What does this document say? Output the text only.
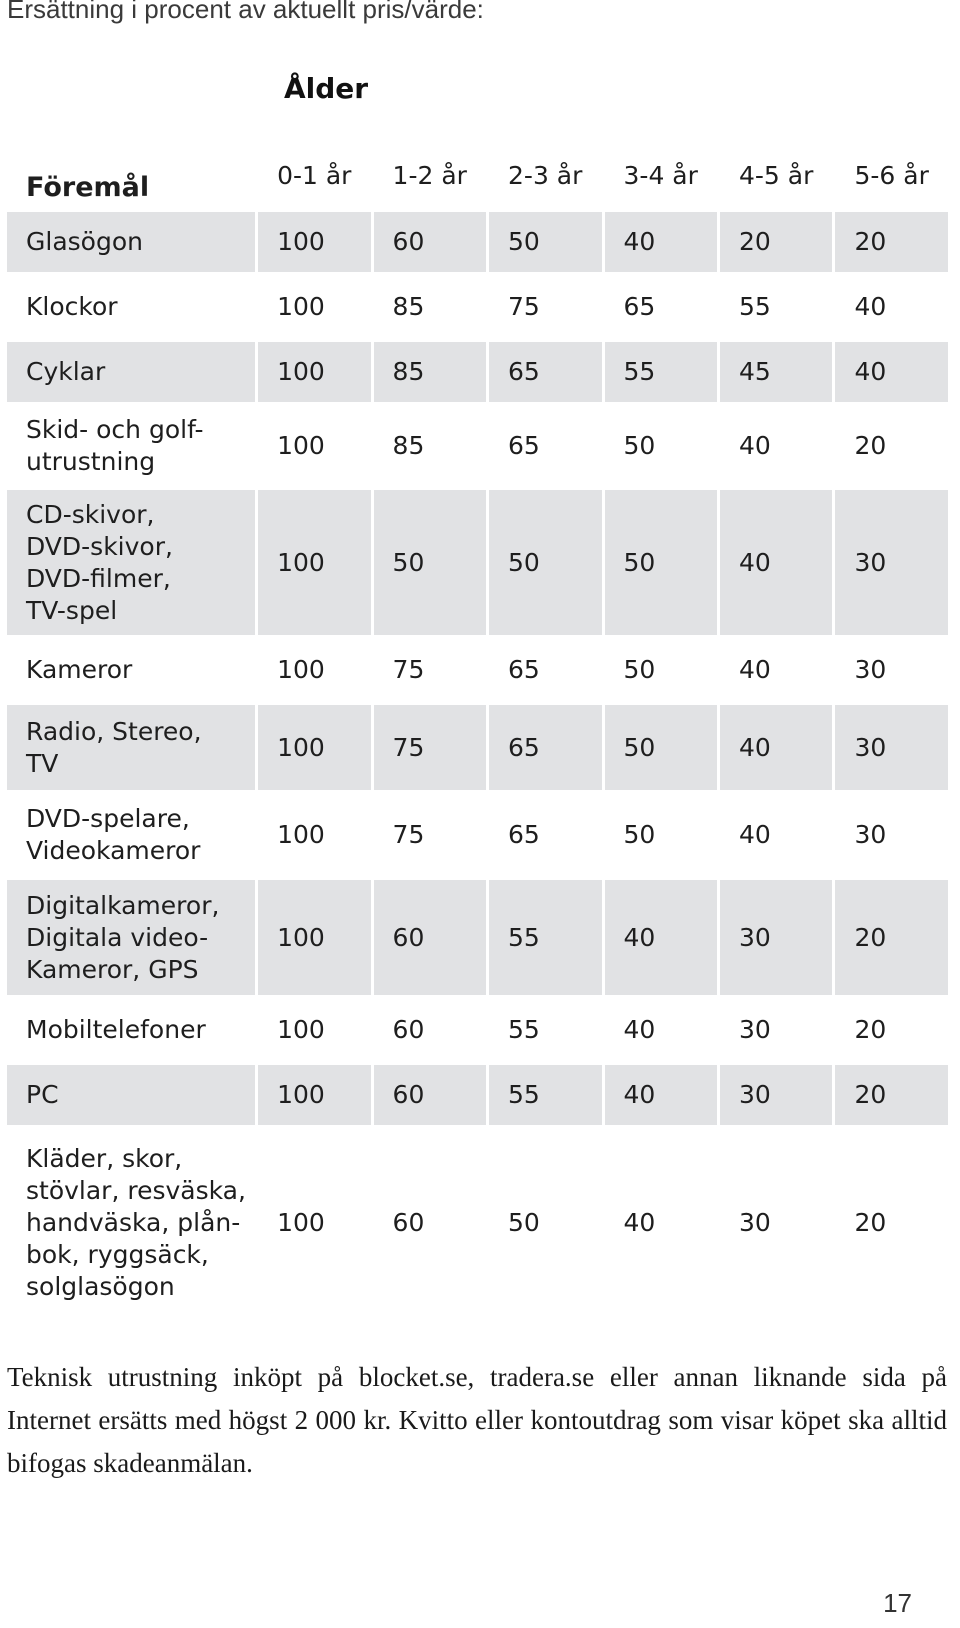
Ersättning i procent av aktuellt pris/värde:

Ålder
Föremål	0-1 år	1-2 år	2-3 år	3-4 år	4-5 år	5-6 år
Glasögon	100	60	50	40	20	20
Klockor	100	85	75	65	55	40
Cyklar	100	85	65	55	45	40
Skid- och golf-
utrustning	100	85	65	50	40	20
CD-skivor,
DVD-skivor,
DVD-filmer,
TV-spel	100	50	50	50	40	30
Kameror	100	75	65	50	40	30
Radio, Stereo,
TV	100	75	65	50	40	30
DVD-spelare,
Videokameror	100	75	65	50	40	30
Digitalkameror,
Digitala video-
Kameror, GPS	100	60	55	40	30	20
Mobiltelefoner	100	60	55	40	30	20
PC	100	60	55	40	30	20
Kläder, skor,
stövlar, resväska,
handväska, plån-
bok, ryggsäck,
solglasögon	100	60	50	40	30	20

Teknisk utrustning inköpt på blocket.se, tradera.se eller annan liknande sida på Internet ersätts med högst 2 000 kr. Kvitto eller kontoutdrag som visar köpet ska alltid bifogas skadeanmälan.

17
